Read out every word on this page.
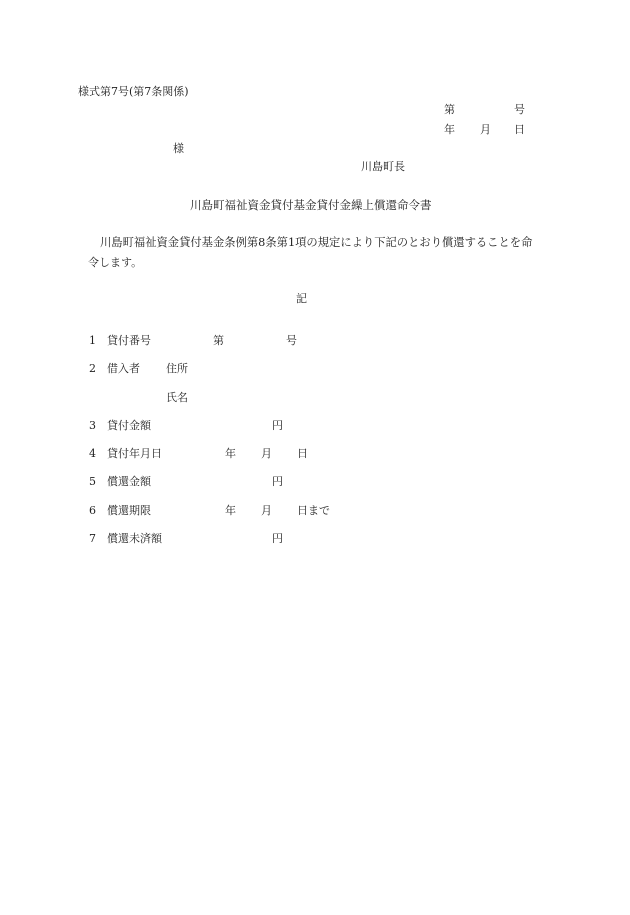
様式第7号(第7条関係)
第	号
年 月 日
様
川島町長
川島町福祉資金貸付基金貸付金繰上償還命令書
川島町福祉資金貸付基金条例第8条第1項の規定により下記のとおり償還することを命
令します。
記
1 貸付番号	第	号
2 借入者 住所
氏名
3 貸付金額	円
4 貸付年月日	年 月 日
5 償還金額	円
6 償還期限	年 月 日まで
7 償還未済額	円
